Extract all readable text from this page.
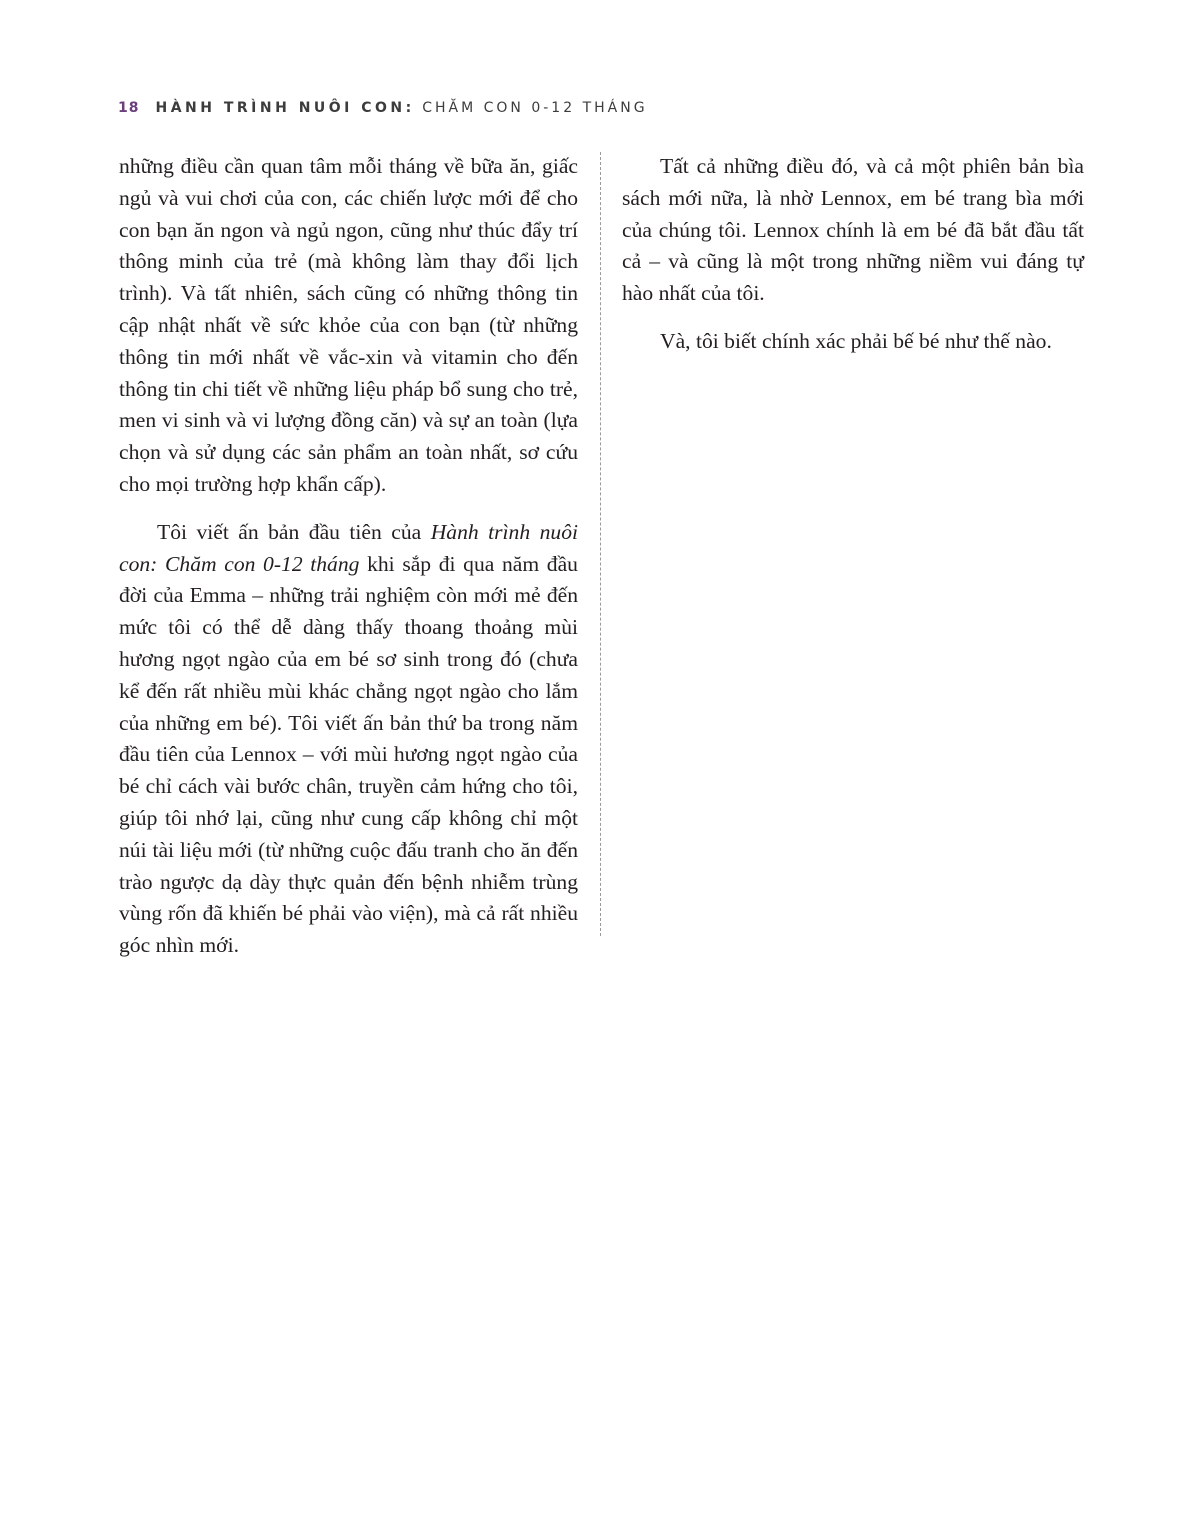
18 HÀNH TRÌNH NUÔI CON: CHĂM CON 0-12 THÁNG

những điều cần quan tâm mỗi tháng về bữa ăn, giấc ngủ và vui chơi của con, các chiến lược mới để cho con bạn ăn ngon và ngủ ngon, cũng như thúc đẩy trí thông minh của trẻ (mà không làm thay đổi lịch trình). Và tất nhiên, sách cũng có những thông tin cập nhật nhất về sức khỏe của con bạn (từ những thông tin mới nhất về vắc-xin và vitamin cho đến thông tin chi tiết về những liệu pháp bổ sung cho trẻ, men vi sinh và vi lượng đồng căn) và sự an toàn (lựa chọn và sử dụng các sản phẩm an toàn nhất, sơ cứu cho mọi trường hợp khẩn cấp).

Tôi viết ấn bản đầu tiên của Hành trình nuôi con: Chăm con 0-12 tháng khi sắp đi qua năm đầu đời của Emma – những trải nghiệm còn mới mẻ đến mức tôi có thể dễ dàng thấy thoang thoảng mùi hương ngọt ngào của em bé sơ sinh trong đó (chưa kể đến rất nhiều mùi khác chẳng ngọt ngào cho lắm của những em bé). Tôi viết ấn bản thứ ba trong năm đầu tiên của Lennox – với mùi hương ngọt ngào của bé chỉ cách vài bước chân, truyền cảm hứng cho tôi, giúp tôi nhớ lại, cũng như cung cấp không chỉ một núi tài liệu mới (từ những cuộc đấu tranh cho ăn đến trào ngược dạ dày thực quản đến bệnh nhiễm trùng vùng rốn đã khiến bé phải vào viện), mà cả rất nhiều góc nhìn mới.

Tất cả những điều đó, và cả một phiên bản bìa sách mới nữa, là nhờ Lennox, em bé trang bìa mới của chúng tôi. Lennox chính là em bé đã bắt đầu tất cả – và cũng là một trong những niềm vui đáng tự hào nhất của tôi.

Và, tôi biết chính xác phải bế bé như thế nào.
